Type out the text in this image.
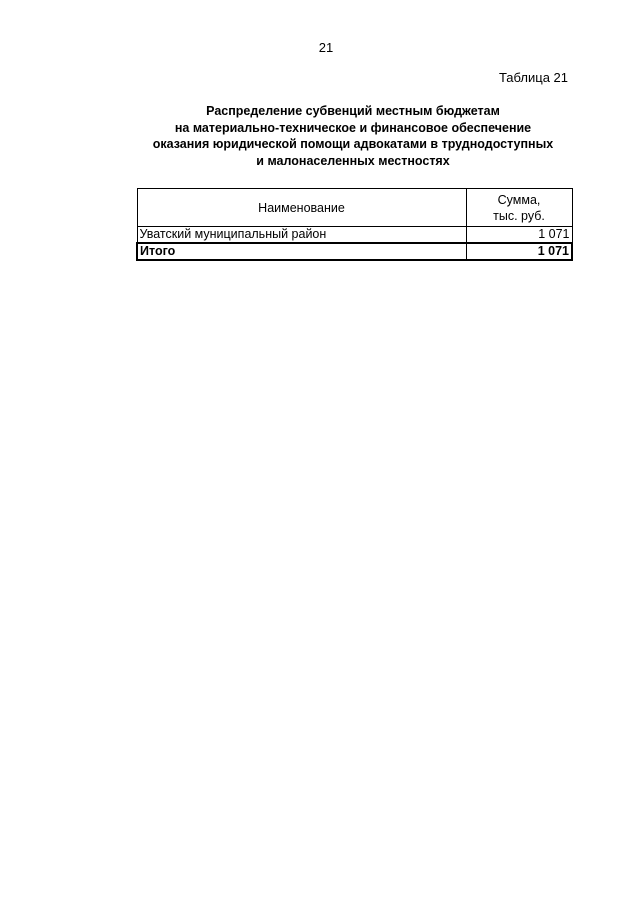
21
Таблица 21
Распределение субвенций местным бюджетам
на материально-техническое и финансовое обеспечение
оказания юридической помощи адвокатами в труднодоступных
и малонаселенных местностях
Наименование	Сумма,
тыс. руб.

Уватский муниципальный район	1 071
Итого	1 071
